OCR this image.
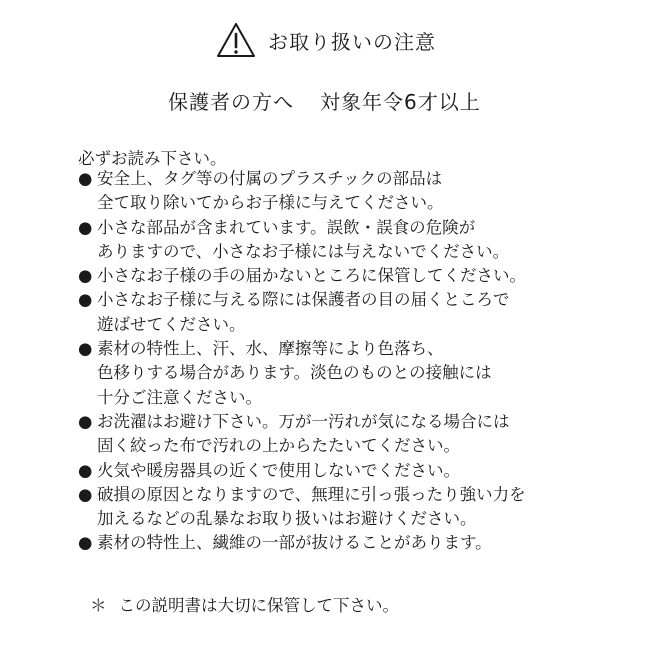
お取り扱いの注意
保護者の方へ 対象年令6才以上
必ずお読み下さい。
● 安全上、タグ等の付属のプラスチックの部品は
全て取り除いてからお子様に与えてください。
● 小さな部品が含まれています。誤飲・誤食の危険が
ありますので、小さなお子様には与えないでください。
● 小さなお子様の手の届かないところに保管してください。
● 小さなお子様に与える際には保護者の目の届くところで
遊ばせてください。
● 素材の特性上、汗、水、摩擦等により色落ち、
色移りする場合があります。淡色のものとの接触には
十分ご注意ください。
● お洗濯はお避け下さい。万が一汚れが気になる場合には
固く絞った布で汚れの上からたたいてください。
● 火気や暖房器具の近くで使用しないでください。
● 破損の原因となりますので、無理に引っ張ったり強い力を
加えるなどの乱暴なお取り扱いはお避けください。
● 素材の特性上、繊維の一部が抜けることがあります。
＊ この説明書は大切に保管して下さい。
